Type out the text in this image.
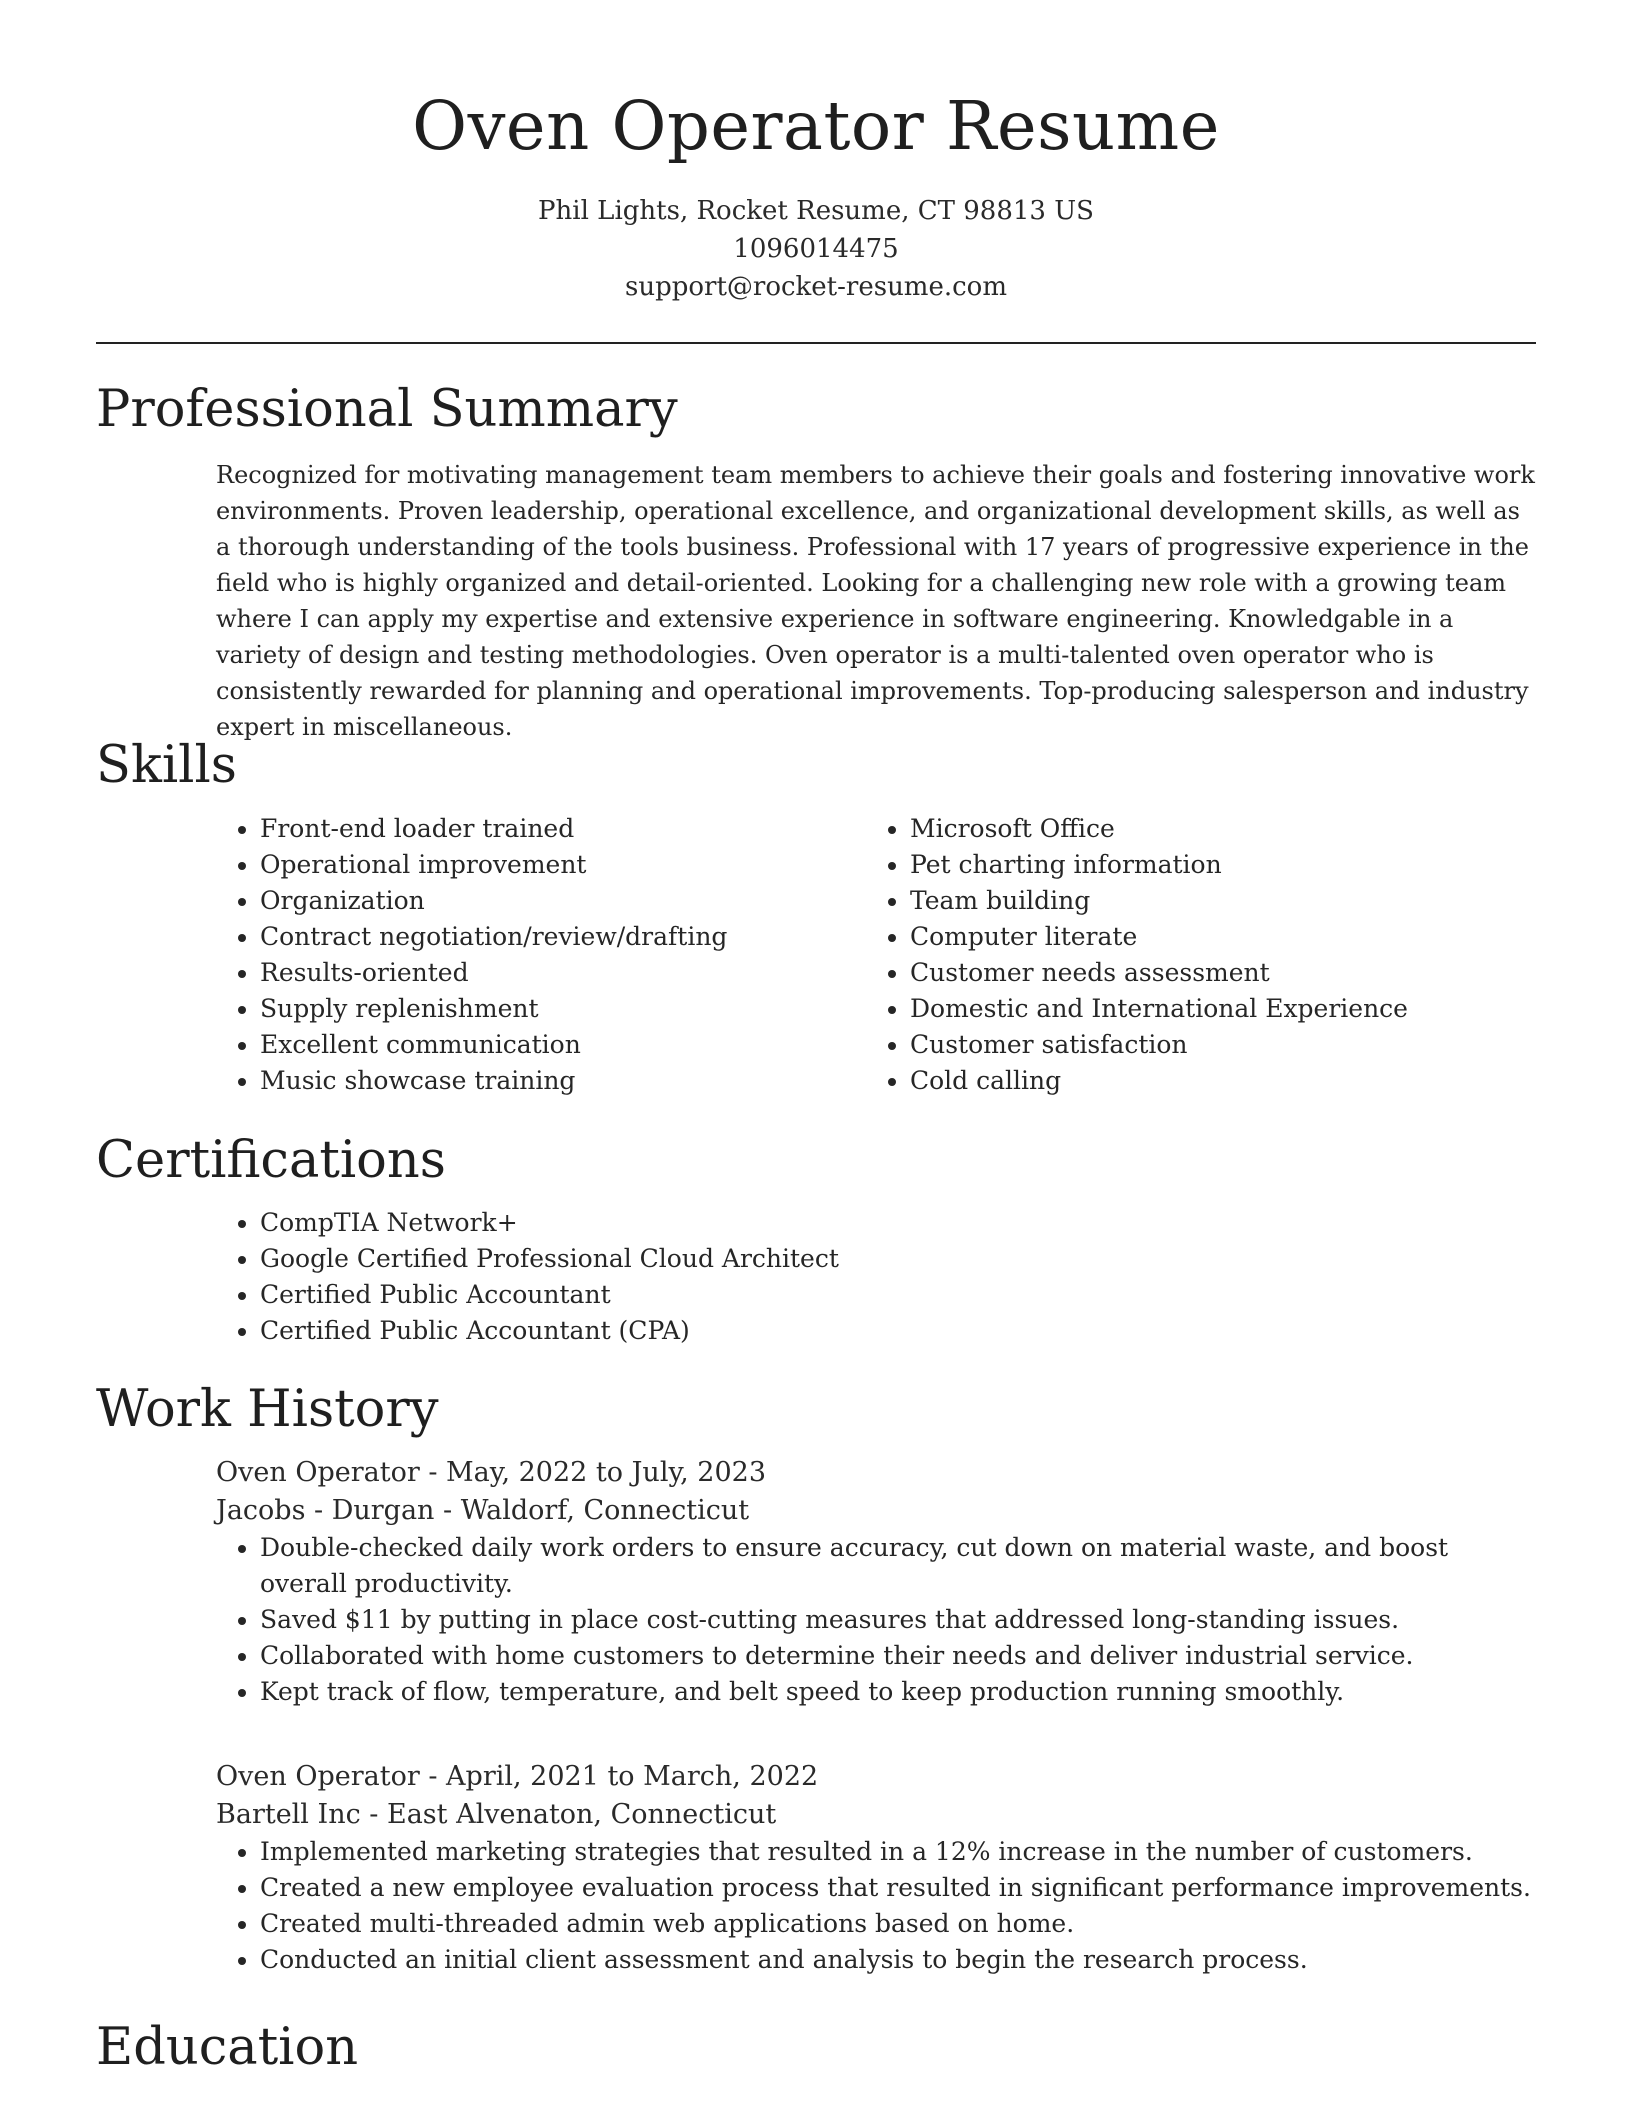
Oven Operator Resume
Phil Lights, Rocket Resume, CT 98813 US
1096014475
support@rocket-resume.com
Professional Summary

Recognized for motivating management team members to achieve their goals and fostering innovative work environments. Proven leadership, operational excellence, and organizational development skills, as well as a thorough understanding of the tools business. Professional with 17 years of progressive experience in the field who is highly organized and detail-oriented. Looking for a challenging new role with a growing team where I can apply my expertise and extensive experience in software engineering. Knowledgable in a variety of design and testing methodologies. Oven operator is a multi-talented oven operator who is consistently rewarded for planning and operational improvements. Top-producing salesperson and industry expert in miscellaneous.

Skills
• Front-end loader trained
• Operational improvement
• Organization
• Contract negotiation/review/drafting
• Results-oriented
• Supply replenishment
• Excellent communication
• Music showcase training
• Microsoft Office
• Pet charting information
• Team building
• Computer literate
• Customer needs assessment
• Domestic and International Experience
• Customer satisfaction
• Cold calling
Certifications
• CompTIA Network+
• Google Certified Professional Cloud Architect
• Certified Public Accountant
• Certified Public Accountant (CPA)
Work History

Oven Operator - May, 2022 to July, 2023

Jacobs - Durgan - Waldorf, Connecticut

• Double-checked daily work orders to ensure accuracy, cut down on material waste, and boost overall productivity.
• Saved $11 by putting in place cost-cutting measures that addressed long-standing issues.
• Collaborated with home customers to determine their needs and deliver industrial service.
• Kept track of flow, temperature, and belt speed to keep production running smoothly.

Oven Operator - April, 2021 to March, 2022

Bartell Inc - East Alvenaton, Connecticut

• Implemented marketing strategies that resulted in a 12% increase in the number of customers.
• Created a new employee evaluation process that resulted in significant performance improvements.
• Created multi-threaded admin web applications based on home.
• Conducted an initial client assessment and analysis to begin the research process.
Education
